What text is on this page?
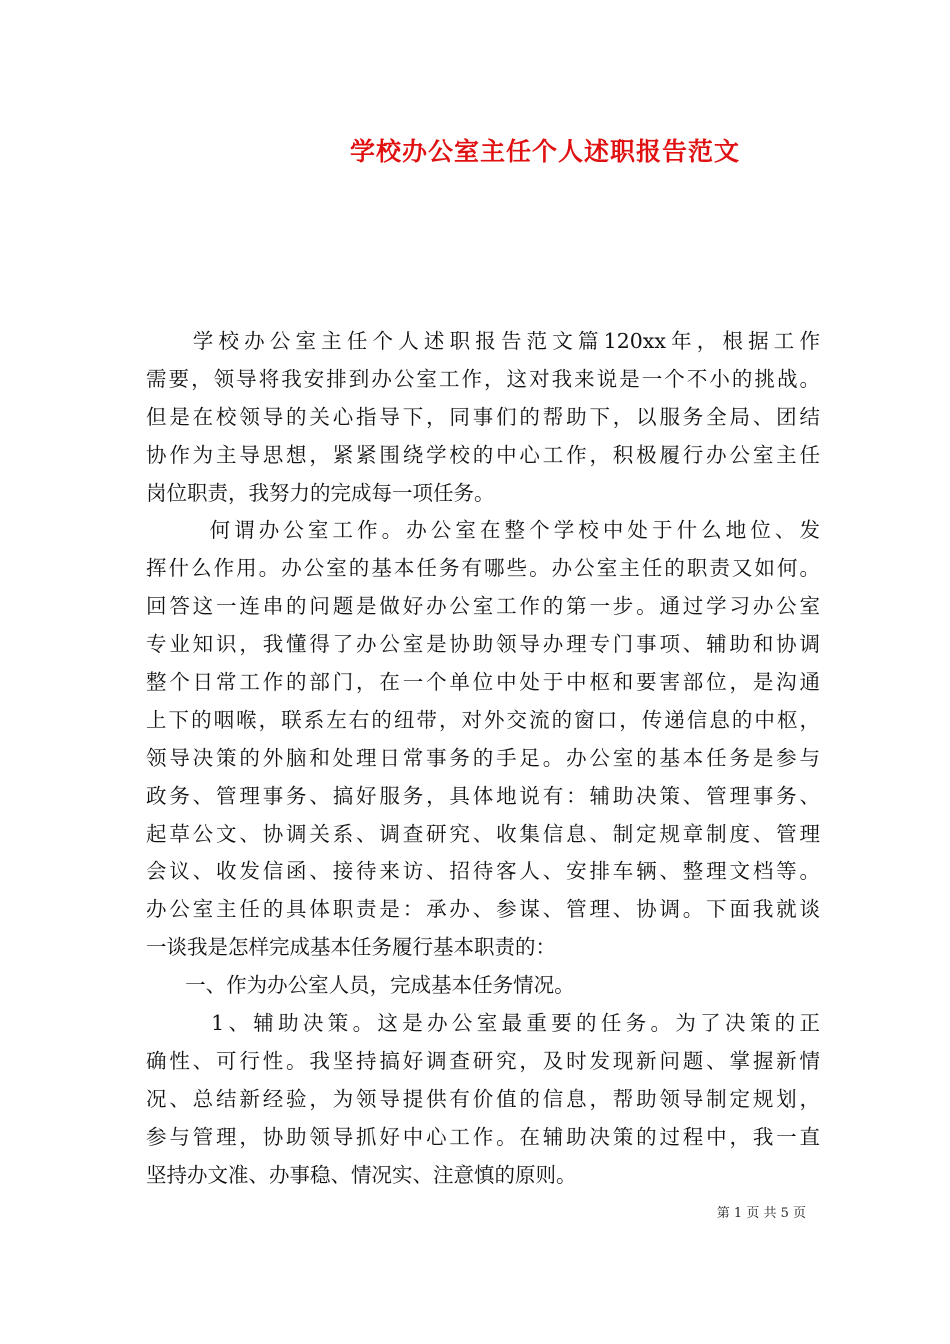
学校办公室主任个人述职报告范文
学校办公室主任个人述职报告范文篇120xx年，根据工作
需要，领导将我安排到办公室工作，这对我来说是一个不小的挑战。
但是在校领导的关心指导下，同事们的帮助下，以服务全局、团结
协作为主导思想，紧紧围绕学校的中心工作，积极履行办公室主任
岗位职责，我努力的完成每一项任务。
何谓办公室工作。办公室在整个学校中处于什么地位、发
挥什么作用。办公室的基本任务有哪些。办公室主任的职责又如何。
回答这一连串的问题是做好办公室工作的第一步。通过学习办公室
专业知识，我懂得了办公室是协助领导办理专门事项、辅助和协调
整个日常工作的部门，在一个单位中处于中枢和要害部位，是沟通
上下的咽喉，联系左右的纽带，对外交流的窗口，传递信息的中枢，
领导决策的外脑和处理日常事务的手足。办公室的基本任务是参与
政务、管理事务、搞好服务，具体地说有：辅助决策、管理事务、
起草公文、协调关系、调查研究、收集信息、制定规章制度、管理
会议、收发信函、接待来访、招待客人、安排车辆、整理文档等。
办公室主任的具体职责是：承办、参谋、管理、协调。下面我就谈
一谈我是怎样完成基本任务履行基本职责的：
一、作为办公室人员，完成基本任务情况。
1、辅助决策。这是办公室最重要的任务。为了决策的正
确性、可行性。我坚持搞好调查研究，及时发现新问题、掌握新情
况、总结新经验，为领导提供有价值的信息，帮助领导制定规划，
参与管理，协助领导抓好中心工作。在辅助决策的过程中，我一直
坚持办文准、办事稳、情况实、注意慎的原则。
第 1 页 共 5 页
